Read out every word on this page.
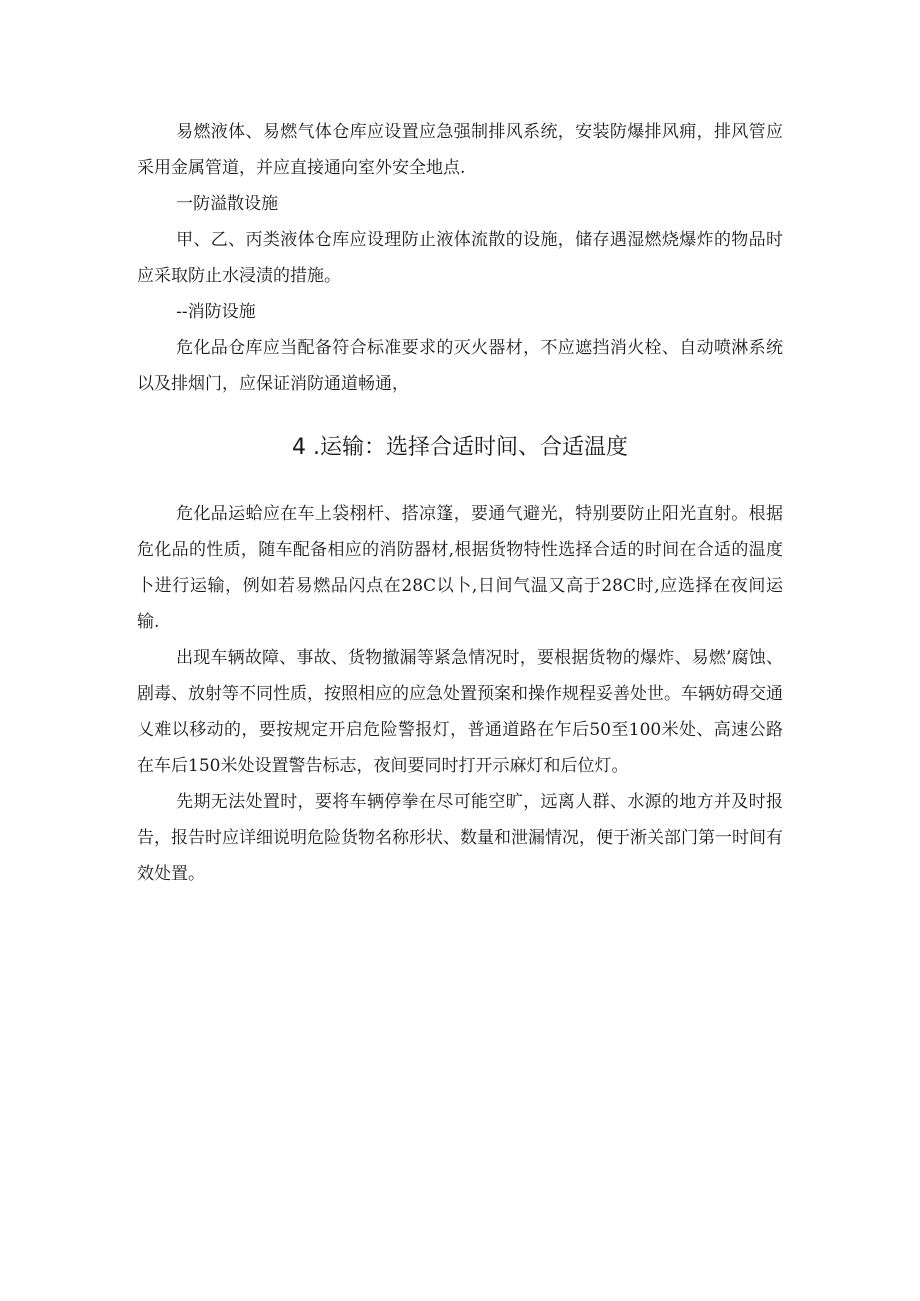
易燃液体、易燃气体仓库应设置应急强制排风系统，安装防爆排风痈，排风管应采用金属管道，并应直接通向室外安全地点.

一防溢散设施

甲、乙、丙类液体仓库应设理防止液体流散的设施，储存遇湿燃烧爆炸的物品时应采取防止水浸渍的措施。

--消防设施

危化品仓库应当配备符合标准要求的灭火器材，不应遮挡消火栓、自动喷淋系统以及排烟门，应保证消防通道畅通，

4 .运输：选择合适时间、合适温度

危化品运蛤应在车上袋栩杆、搭凉篷，要通气避光，特别要防止阳光直射。根据危化品的性质，随车配备相应的消防器材,根据货物特性选择合适的时间在合适的温度卜进行运输，例如若易燃品闪点在28C以卜,日间气温又高于28C时,应选择在夜间运输.

出现车辆故障、事故、货物撤漏等紧急情况时，要根据货物的爆炸、易燃’腐蚀、剧毒、放射等不同性质，按照相应的应急处置预案和操作规程妥善处世。车辆妨碍交通乂难以移动的，要按规定开启危险警报灯，普通道路在乍后50至100米处、高速公路在车后150米处设置警告标志，夜间要同时打开示麻灯和后位灯。

先期无法处置时，要将车辆停拳在尽可能空旷，远离人群、水源的地方并及时报告，报告时应详细说明危险货物名称形状、数量和泄漏情况，便于淅关部门第一时间有效处置。
